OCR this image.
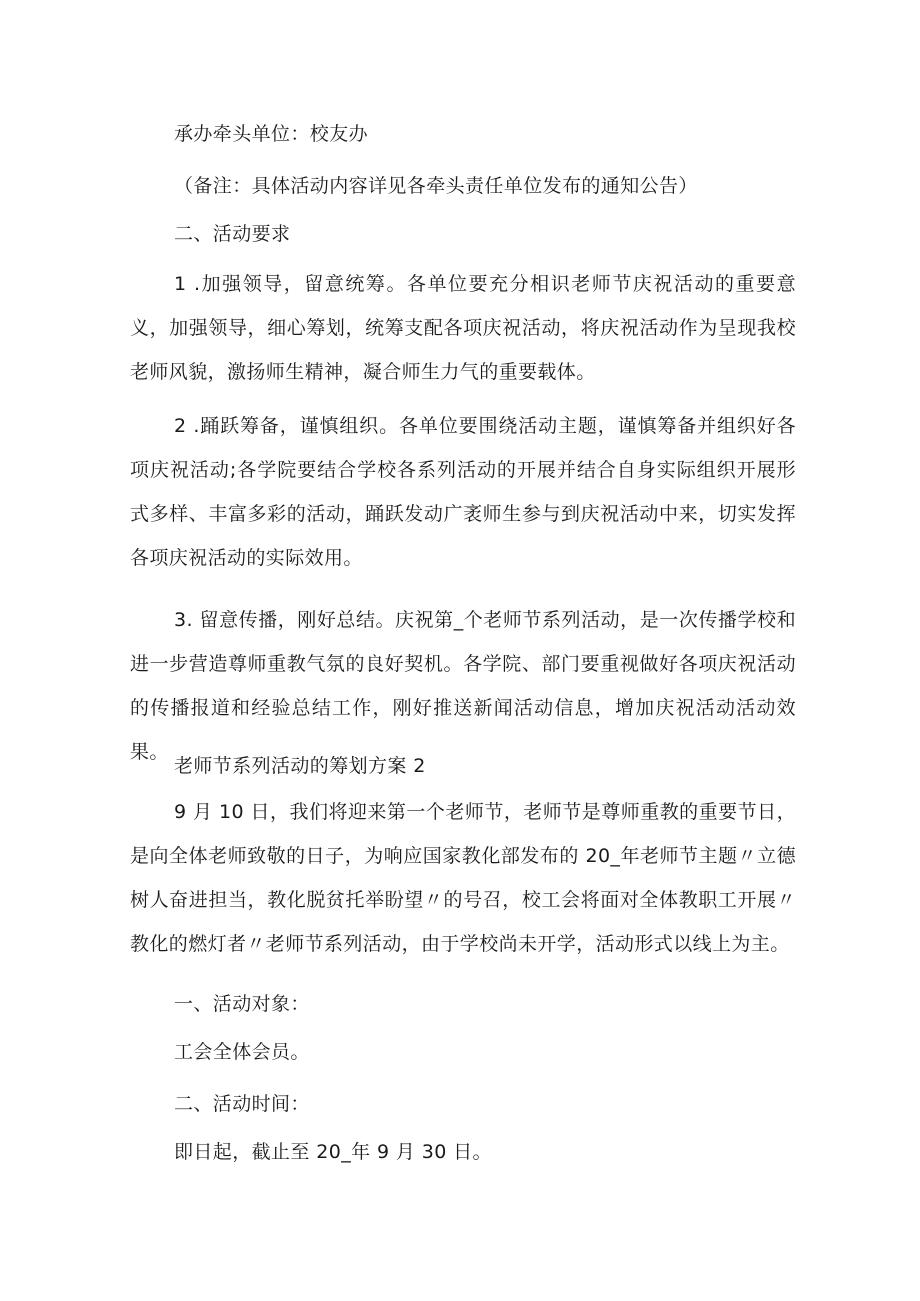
承办牵头单位：校友办

（备注：具体活动内容详见各牵头责任单位发布的通知公告）

二、活动要求

1 .加强领导，留意统筹。各单位要充分相识老师节庆祝活动的重要意义，加强领导，细心筹划，统筹支配各项庆祝活动，将庆祝活动作为呈现我校老师风貌，激扬师生精神，凝合师生力气的重要载体。

2 .踊跃筹备，谨慎组织。各单位要围绕活动主题，谨慎筹备并组织好各项庆祝活动;各学院要结合学校各系列活动的开展并结合自身实际组织开展形式多样、丰富多彩的活动，踊跃发动广袤师生参与到庆祝活动中来，切实发挥各项庆祝活动的实际效用。

3. 留意传播，刚好总结。庆祝第_个老师节系列活动，是一次传播学校和进一步营造尊师重教气氛的良好契机。各学院、部门要重视做好各项庆祝活动的传播报道和经验总结工作，刚好推送新闻活动信息，增加庆祝活动活动效果。

老师节系列活动的筹划方案 2

9 月 10 日，我们将迎来第一个老师节，老师节是尊师重教的重要节日，是向全体老师致敬的日子，为响应国家教化部发布的 20_年老师节主题〃立德树人奋进担当，教化脱贫托举盼望〃的号召，校工会将面对全体教职工开展〃教化的燃灯者〃老师节系列活动，由于学校尚未开学，活动形式以线上为主。

一、活动对象：

工会全体会员。

二、活动时间：

即日起，截止至 20_年 9 月 30 日。
